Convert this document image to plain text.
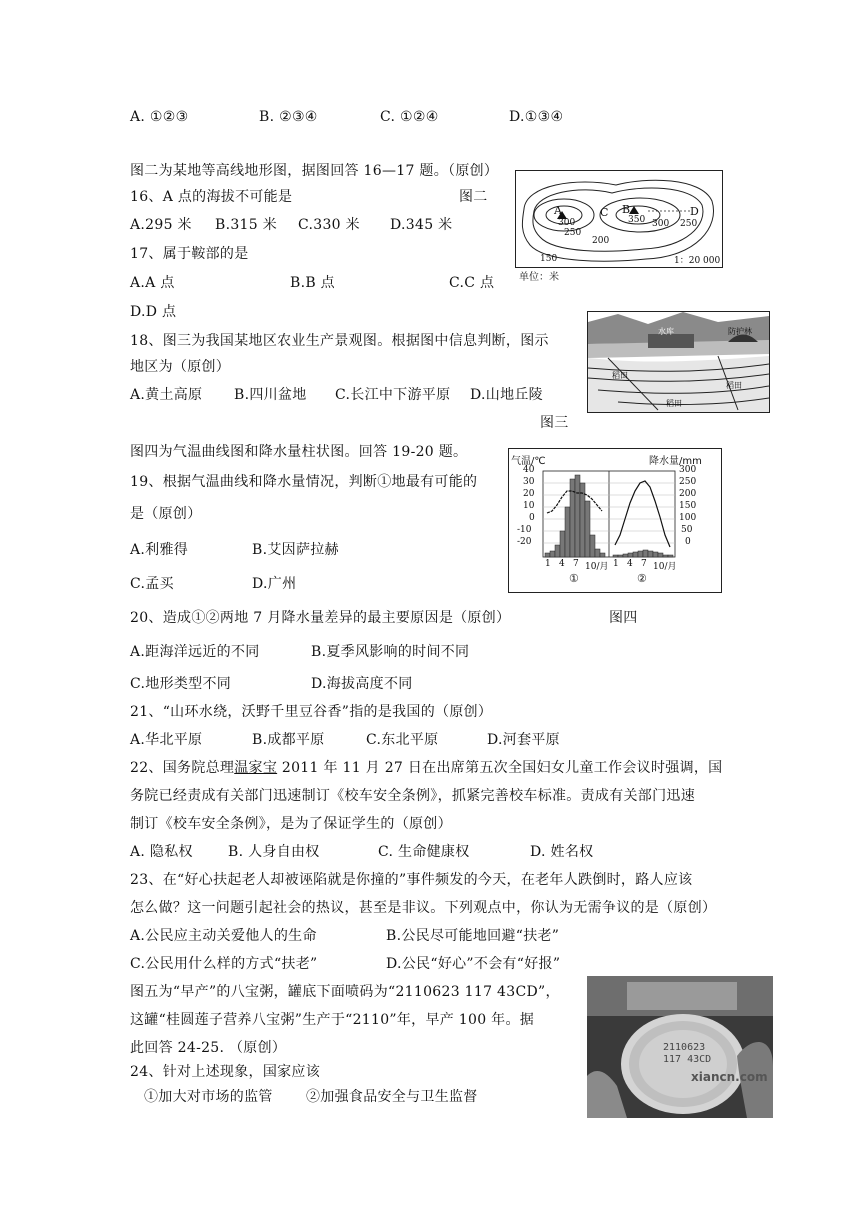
A. ①②③	B. ②③④	C. ①②④	D.①③④
图二为某地等高线地形图，据图回答 16—17 题。（原创）
16、A 点的海拔不可能是	图二
A.295 米 B.315 米 C.330 米 D.345 米
17、属于鞍部的是
A.A 点	B.B 点	C.C 点
D.D 点
A	B
C	D
300
250
350 300 250
200
150	1：20 000
单位：米
18、图三为我国某地区农业生产景观图。根据图中信息判断，图示
地区为（原创）
A.黄土高原 B.四川盆地 C.长江中下游平原 D.山地丘陵
图三
水库	防护林
稻田
稻田
稻田
图四为气温曲线图和降水量柱状图。回答 19-20 题。
19、根据气温曲线和降水量情况，判断①地最有可能的
是（原创）
A.利雅得	B.艾因萨拉赫
C.孟买	D.广州
气温/℃	降水量/mm
40
30
20
10
0
-10
-20
300
250
200
150
100
50
0
1 4 7 10/月 1 4 7 10/月
①	②
20、造成①②两地 7 月降水量差异的最主要原因是（原创）	图四
A.距海洋远近的不同	B.夏季风影响的时间不同
C.地形类型不同	D.海拔高度不同
21、“山环水绕，沃野千里豆谷香”指的是我国的（原创）
A.华北平原	B.成都平原	C.东北平原	D.河套平原
22、国务院总理温家宝 2011 年 11 月 27 日在出席第五次全国妇女儿童工作会议时强调，国
务院已经责成有关部门迅速制订《校车安全条例》，抓紧完善校车标准。责成有关部门迅速
制订《校车安全条例》，是为了保证学生的（原创）
A. 隐私权	B. 人身自由权	C. 生命健康权	D. 姓名权
23、在“好心扶起老人却被诬陷就是你撞的”事件频发的今天，在老年人跌倒时，路人应该
怎么做？这一问题引起社会的热议，甚至是非议。下列观点中，你认为无需争议的是（原创）
A.公民应主动关爱他人的生命	B.公民尽可能地回避“扶老”
C.公民用什么样的方式“扶老”	D.公民“好心”不会有“好报”
图五为“早产”的八宝粥，罐底下面喷码为“2110623 117 43CD”，
这罐“桂圆莲子营养八宝粥”生产于“2110”年，早产 100 年。据
此回答 24-25. （原创）
24、针对上述现象，国家应该
①加大对市场的监管 ②加强食品安全与卫生监督
2110623
117 43CD
xiancn.com
